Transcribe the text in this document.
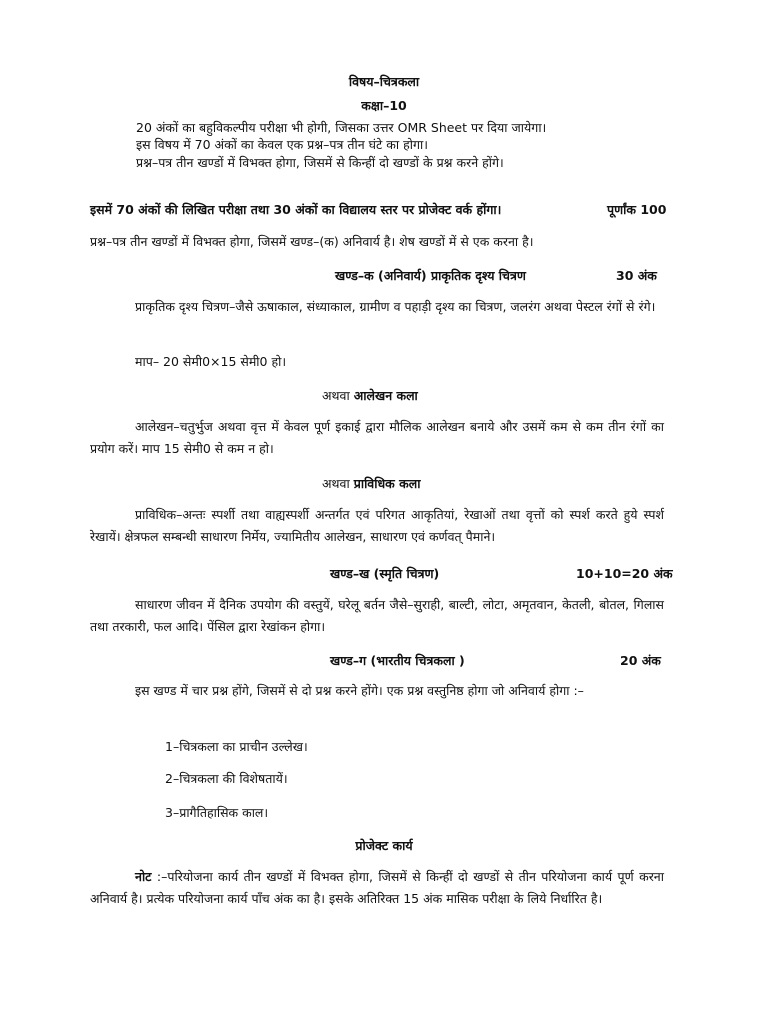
विषय–चित्रकला
कक्षा–10
20 अंकों का बहुविकल्पीय परीक्षा भी होगी, जिसका उत्तर OMR Sheet पर दिया जायेगा।
इस विषय में 70 अंकों का केवल एक प्रश्न–पत्र तीन घंटे का होगा।
प्रश्न–पत्र तीन खण्डों में विभक्त होगा, जिसमें से किन्हीं दो खण्डों के प्रश्न करने होंगे।
इसमें 70 अंकों की लिखित परीक्षा तथा 30 अंकों का विद्यालय स्तर पर प्रोजेक्ट वर्क होंगा।	पूर्णांक 100
प्रश्न–पत्र तीन खण्डों में विभक्त होगा, जिसमें खण्ड–(क) अनिवार्य है। शेष खण्डों में से एक करना है।
खण्ड–क (अनिवार्य) प्राकृतिक दृश्य चित्रण	30 अंक
प्राकृतिक दृश्य चित्रण–जैसे ऊषाकाल, संध्याकाल, ग्रामीण व पहाड़ी दृश्य का चित्रण, जलरंग अथवा पेस्टल रंगों से रंगे।
माप– 20 सेमी0×15 सेमी0 हो।
अथवा आलेखन कला
आलेखन–चतुर्भुज अथवा वृत्त में केवल पूर्ण इकाई द्वारा मौलिक आलेखन बनाये और उसमें कम से कम तीन रंगों का प्रयोग करें। माप 15 सेमी0 से कम न हो।
अथवा प्राविधिक कला
प्राविधिक–अन्तः स्पर्शी तथा वाह्यस्पर्शी अन्तर्गत एवं परिगत आकृतियां, रेखाओं तथा वृत्तों को स्पर्श करते हुये स्पर्श रेखायें। क्षेत्रफल सम्बन्धी साधारण निर्मेय, ज्यामितीय आलेखन, साधारण एवं कर्णवत् पैमाने।
खण्ड–ख (स्मृति चित्रण)	10+10=20 अंक
साधारण जीवन में दैनिक उपयोग की वस्तुयें, घरेलू बर्तन जैसे–सुराही, बाल्टी, लोटा, अमृतवान, केतली, बोतल, गिलास तथा तरकारी, फल आदि। पेंसिल द्वारा रेखांकन होगा।
खण्ड–ग (भारतीय चित्रकला )	20 अंक
इस खण्ड में चार प्रश्न होंगे, जिसमें से दो प्रश्न करने होंगे। एक प्रश्न वस्तुनिष्ठ होगा जो अनिवार्य होगा :–
1–चित्रकला का प्राचीन उल्लेख।
2–चित्रकला की विशेषतायें।
3–प्रागैतिहासिक काल।
प्रोजेक्ट कार्य
नोट :–परियोजना कार्य तीन खण्डों में विभक्त होगा, जिसमें से किन्हीं दो खण्डों से तीन परियोजना कार्य पूर्ण करना अनिवार्य है। प्रत्येक परियोजना कार्य पाँच अंक का है। इसके अतिरिक्त 15 अंक मासिक परीक्षा के लिये निर्धारित है।
